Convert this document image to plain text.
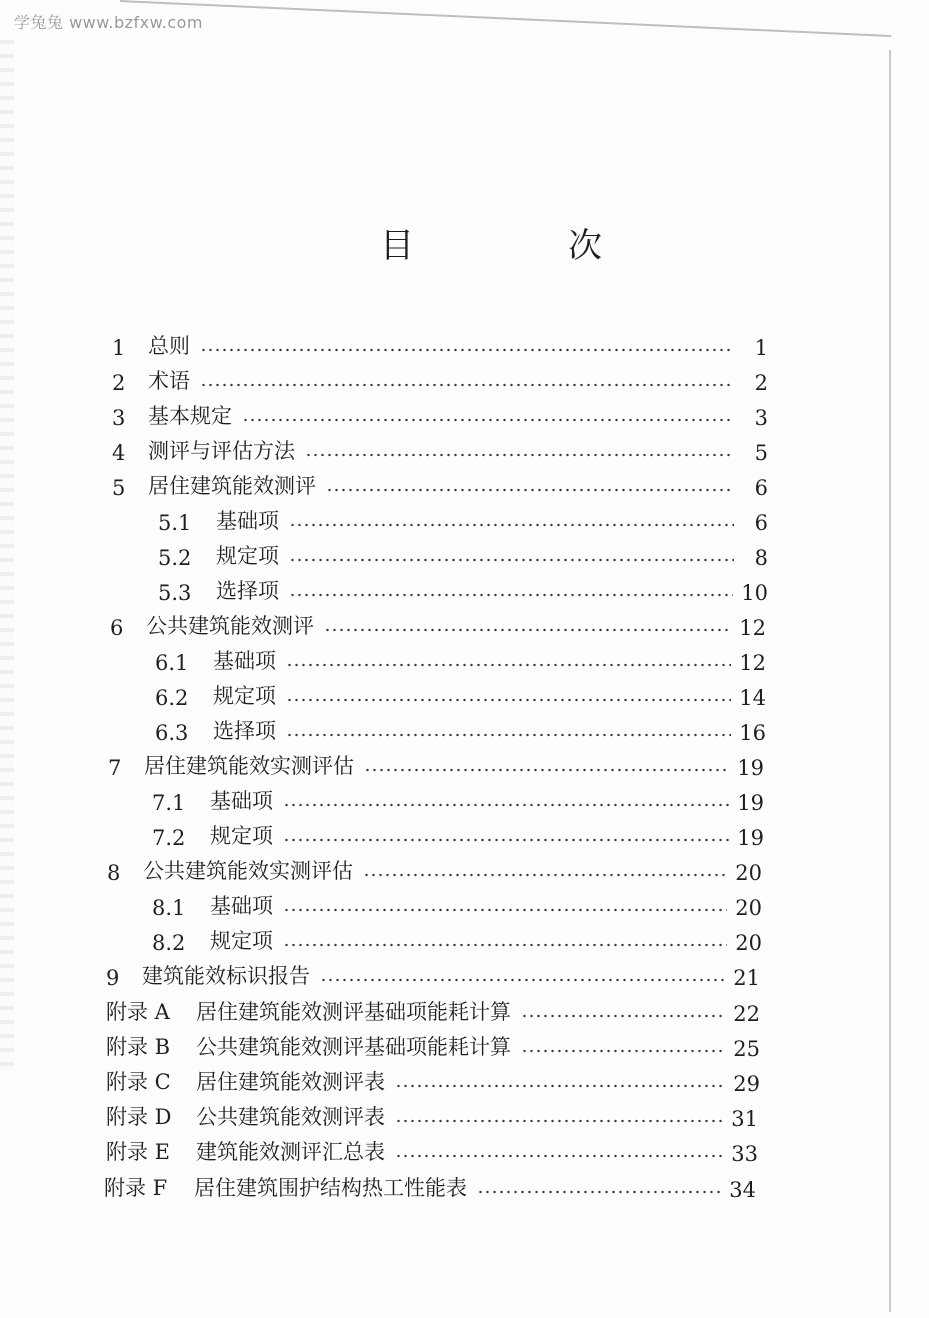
学兔兔 www.bzfxw.com
目　次
1	总则	1
2	术语	2
3	基本规定	3
4	测评与评估方法	5
5	居住建筑能效测评	6
5.1	基础项	6
5.2	规定项	8
5.3	选择项	10
6	公共建筑能效测评	12
6.1	基础项	12
6.2	规定项	14
6.3	选择项	16
7	居住建筑能效实测评估	19
7.1	基础项	19
7.2	规定项	19
8	公共建筑能效实测评估	20
8.1	基础项	20
8.2	规定项	20
9	建筑能效标识报告	21
附录 A	居住建筑能效测评基础项能耗计算	22
附录 B	公共建筑能效测评基础项能耗计算	25
附录 C	居住建筑能效测评表	29
附录 D	公共建筑能效测评表	31
附录 E	建筑能效测评汇总表	33
附录 F	居住建筑围护结构热工性能表	34
